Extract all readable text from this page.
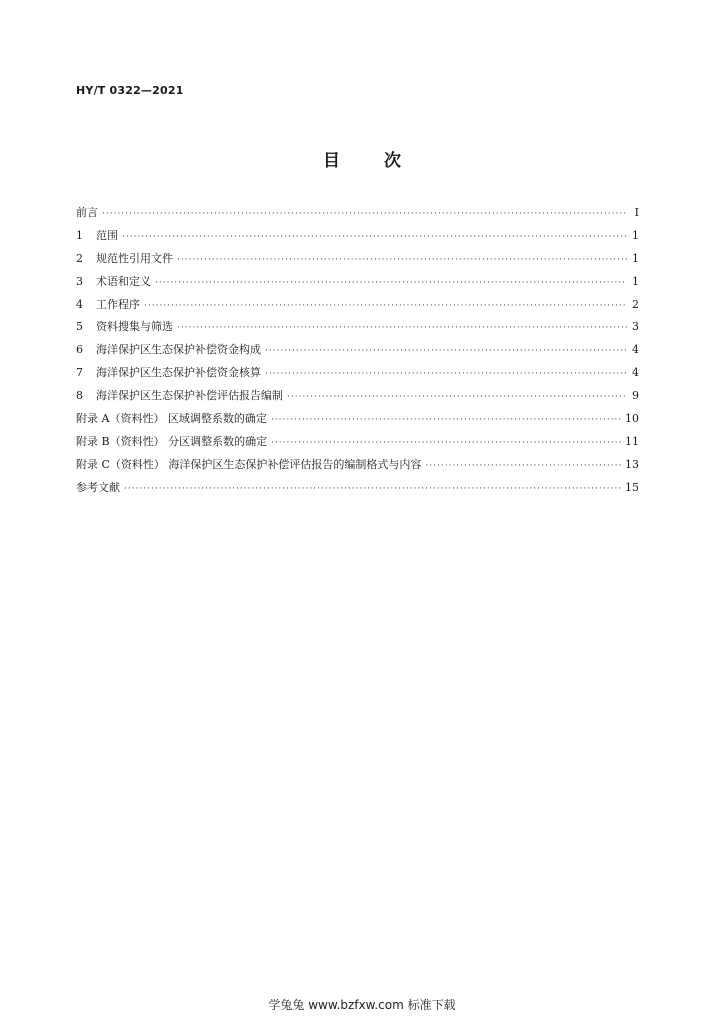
HY/T 0322—2021
目次
前言 ·····	I
1	范围 ·····	1
2	规范性引用文件 ·····	1
3	术语和定义 ·····	1
4	工作程序 ·····	2
5	资料搜集与筛选 ·····	3
6	海洋保护区生态保护补偿资金构成 ·····	4
7	海洋保护区生态保护补偿资金核算 ·····	4
8	海洋保护区生态保护补偿评估报告编制 ·····	9
附录 A（资料性） 区域调整系数的确定 ·····	10
附录 B（资料性） 分区调整系数的确定 ·····	11
附录 C（资料性） 海洋保护区生态保护补偿评估报告的编制格式与内容 ·····	13
参考文献 ·····	15
学兔兔 www.bzfxw.com 标准下载
